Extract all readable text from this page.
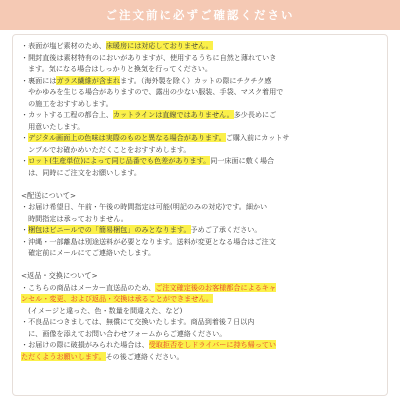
ご注文前に必ずご確認ください
・表面が塩ビ素材のため、床暖房には対応しておりません。
・開封直後は素材特有のにおいがありますが、使用するうちに自然と薄れていき
　ます。気になる場合はしっかりと換気を行ってください。
・裏面にはガラス繊維が含まれます。（海外製を除く）カットの際にチクチク感
　やかゆみを生じる場合がありますので、露出の少ない服装、手袋、マスク着用で
　の施工をおすすめします。
・カットする工程の都合上、カットラインは直線ではありません。多少長めにご
　用意いたします。
・デジタル画面上の色味は実際のものと異なる場合があります。ご購入前にカットサ
　ンプルでお確かめいただくことをおすすめします。
・ロット(生産単位)によって同じ品番でも色差があります。同一床面に敷く場合
　は、同時にご注文をお願いします。
<配送について>
・お届け希望日、午前・午後の時間指定は可能(明記のみの対応)です。細かい
　時間指定は承っておりません。
・梱包はビニールでの「簡易梱包」のみとなります。予めご了承ください。
・沖縄・一部離島は別途送料が必要となります。送料が変更となる場合はご注文
　確定前にメールにてご連絡いたします。
<返品・交換について>
・こちらの商品はメーカー直送品のため、ご注文確定後のお客様都合によるキャ
ンセル・変更、および返品・交換は承ることができません。
　(イメージと違った、色・数量を間違えた、など)
・不良品につきましては、無償にて交換いたします。商品到着後７日以内
　に、画像を添えてお問い合わせフォームからご連絡ください。
・お届けの際に破損がみられた場合は、受取拒否をしドライバーに持ち帰ってい
ただくようお願いします。その後ご連絡ください。
